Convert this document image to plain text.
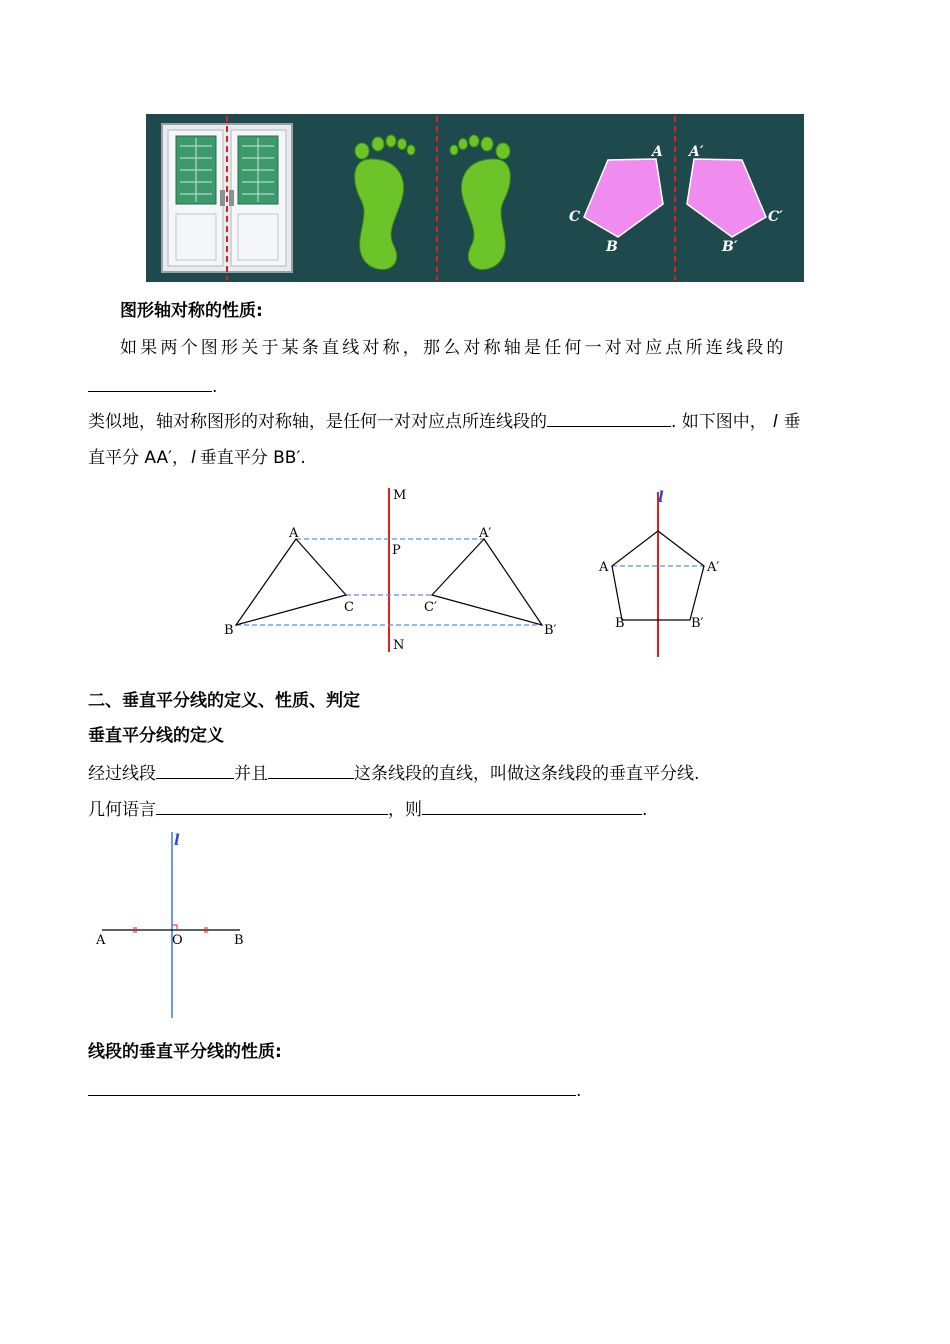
A
B
C
A′
B′
C′
图形轴对称的性质:
如果两个图形关于某条直线对称，那么对称轴是任何一对对应点所连线段的
.
类似地，轴对称图形的对称轴，是任何一对对应点所连线段的	. 如下图中， l 垂
直平分 AA′， l 垂直平分 BB′.
A
B
C
A′
B′
C′
M
P
N
l
A	A′
B	B′
二、垂直平分线的定义、性质、判定
垂直平分线的定义
经过线段	并且	这条线段的直线，叫做这条线段的垂直平分线.
几何语言	，则	.
l
A	O	B
线段的垂直平分线的性质:
.
